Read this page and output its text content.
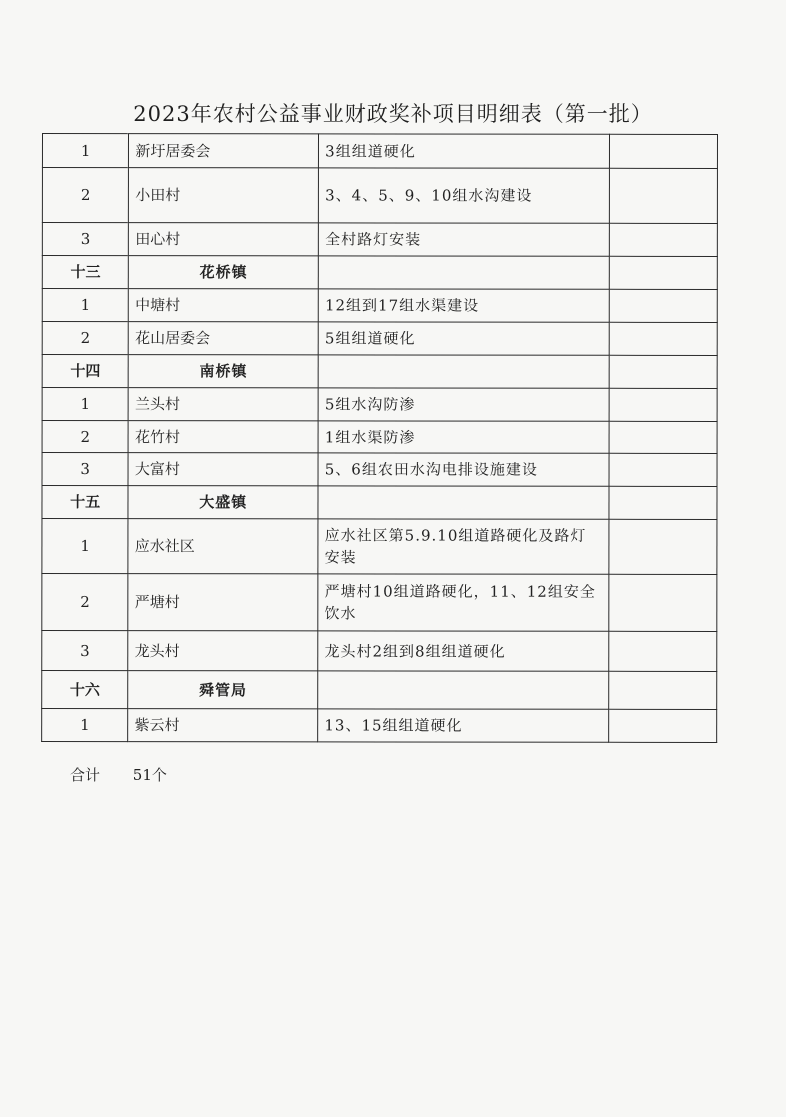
2023年农村公益事业财政奖补项目明细表（第一批）
1	新圩居委会	3组组道硬化	
2	小田村	3、4、5、9、10组水沟建设	
3	田心村	全村路灯安装	
十三	花桥镇		
1	中塘村	12组到17组水渠建设	
2	花山居委会	5组组道硬化	
十四	南桥镇		
1	兰头村	5组水沟防渗	
2	花竹村	1组水渠防渗	
3	大富村	5、6组农田水沟电排设施建设	
十五	大盛镇		
1	应水社区	应水社区第5.9.10组道路硬化及路灯安装	
2	严塘村	严塘村10组道路硬化，11、12组安全饮水	
3	龙头村	龙头村2组到8组组道硬化	
十六	舜管局		
1	紫云村	13、15组组道硬化	
合计 51个
